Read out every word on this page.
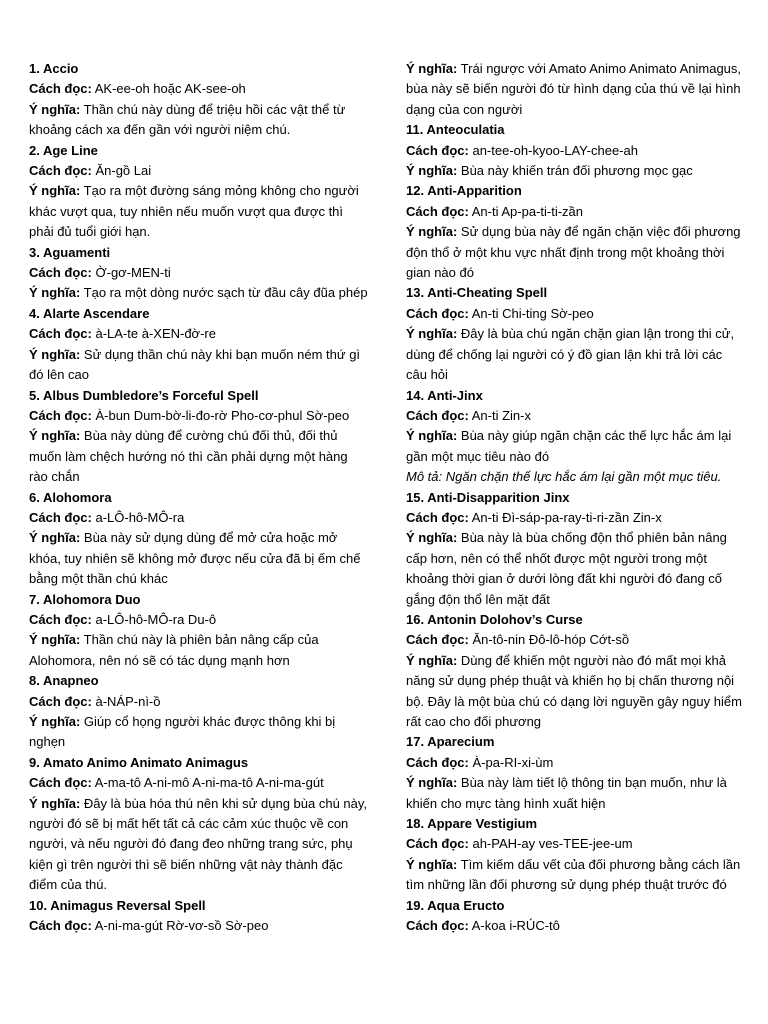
1. Accio

Cách đọc: AK-ee-oh hoặc AK-see-oh

Ý nghĩa: Thần chú này dùng để triệu hồi các vật thể từ khoảng cách xa đến gần với người niệm chú.

2. Age Line

Cách đọc: Ăn-gồ Lai

Ý nghĩa: Tạo ra một đường sáng mỏng không cho người khác vượt qua, tuy nhiên nếu muốn vượt qua được thì phải đủ tuổi giới hạn.

3. Aguamenti

Cách đọc: Ờ-gơ-MEN-ti

Ý nghĩa: Tạo ra một dòng nước sạch từ đầu cây đũa phép

4. Alarte Ascendare

Cách đọc: à-LA-te à-XEN-đờ-re

Ý nghĩa: Sử dụng thần chú này khi bạn muốn ném thứ gì đó lên cao

5. Albus Dumbledore’s Forceful Spell

Cách đọc: À-bun Dum-bờ-li-đo-rờ Pho-cơ-phul Sờ-peo

Ý nghĩa: Bùa này dùng để cường chú đối thủ, đối thủ muốn làm chệch hướng nó thì cần phải dựng một hàng rào chắn

6. Alohomora

Cách đọc: a-LÔ-hô-MÔ-ra

Ý nghĩa: Bùa này sử dụng dùng để mở cửa hoặc mở khóa, tuy nhiên sẽ không mở được nếu cửa đã bị ếm chế bằng một thần chú khác

7. Alohomora Duo

Cách đọc: a-LÔ-hô-MÔ-ra Du-ô

Ý nghĩa: Thần chú này là phiên bản nâng cấp của Alohomora, nên nó sẽ có tác dụng mạnh hơn

8. Anapneo

Cách đọc: à-NÁP-nì-ồ

Ý nghĩa: Giúp cổ họng người khác được thông khi bị nghẹn

9. Amato Animo Animato Animagus

Cách đọc: A-ma-tô A-ni-mô A-ni-ma-tô A-ni-ma-gút

Ý nghĩa: Đây là bùa hóa thú nên khi sử dụng bùa chú này, người đó sẽ bị mất hết tất cả các cảm xúc thuộc về con người, và nếu người đó đang đeo những trang sức, phụ kiện gì trên người thì sẽ biến những vật này thành đặc điểm của thú.

10. Animagus Reversal Spell

Cách đọc: A-ni-ma-gút Rờ-vơ-sồ Sờ-peo

Ý nghĩa: Trái ngược với Amato Animo Animato Animagus, bùa này sẽ biến người đó từ hình dạng của thú về lại hình dạng của con người

11. Anteoculatia

Cách đọc: an-tee-oh-kyoo-LAY-chee-ah

Ý nghĩa: Bùa này khiến trán đối phương mọc gạc

12. Anti-Apparition

Cách đọc: An-ti Ap-pa-ti-ti-zần

Ý nghĩa: Sử dụng bùa này để ngăn chặn việc đối phương độn thổ ở một khu vực nhất định trong một khoảng thời gian nào đó

13. Anti-Cheating Spell

Cách đọc: An-ti Chi-ting Sờ-peo

Ý nghĩa: Đây là bùa chú ngăn chặn gian lận trong thi cử, dùng để chống lại người có ý đồ gian lận khi trả lời các câu hỏi

14. Anti-Jinx

Cách đọc: An-ti Zin-x

Ý nghĩa: Bùa này giúp ngăn chặn các thế lực hắc ám lại gần một mục tiêu nào đó

Mô tả: Ngăn chặn thế lực hắc ám lại gần một mục tiêu.

15. Anti-Disapparition Jinx

Cách đọc: An-ti Đì-sáp-pa-ray-ti-ri-zần Zin-x

Ý nghĩa: Bùa này là bùa chống độn thổ phiên bản nâng cấp hơn, nên có thể nhốt được một người trong một khoảng thời gian ở dưới lòng đất khi người đó đang cố gắng độn thổ lên mặt đất

16. Antonin Dolohov’s Curse

Cách đọc: Ăn-tô-nin Đô-lô-hóp Cớt-sồ

Ý nghĩa: Dùng để khiến một người nào đó mất mọi khả năng sử dụng phép thuật và khiến họ bị chấn thương nội bộ. Đây là một bùa chú có dạng lời nguyền gây nguy hiểm rất cao cho đối phương

17. Aparecium

Cách đọc: À-pa-RI-xi-ùm

Ý nghĩa: Bùa này làm tiết lộ thông tin bạn muốn, như là khiến cho mực tàng hình xuất hiện

18. Appare Vestigium

Cách đọc: ah-PAH-ay ves-TEE-jee-um

Ý nghĩa: Tìm kiếm dấu vết của đối phương bằng cách lần tìm những lần đối phương sử dụng phép thuật trước đó

19. Aqua Eructo

Cách đọc: A-koa i-RÚC-tô
